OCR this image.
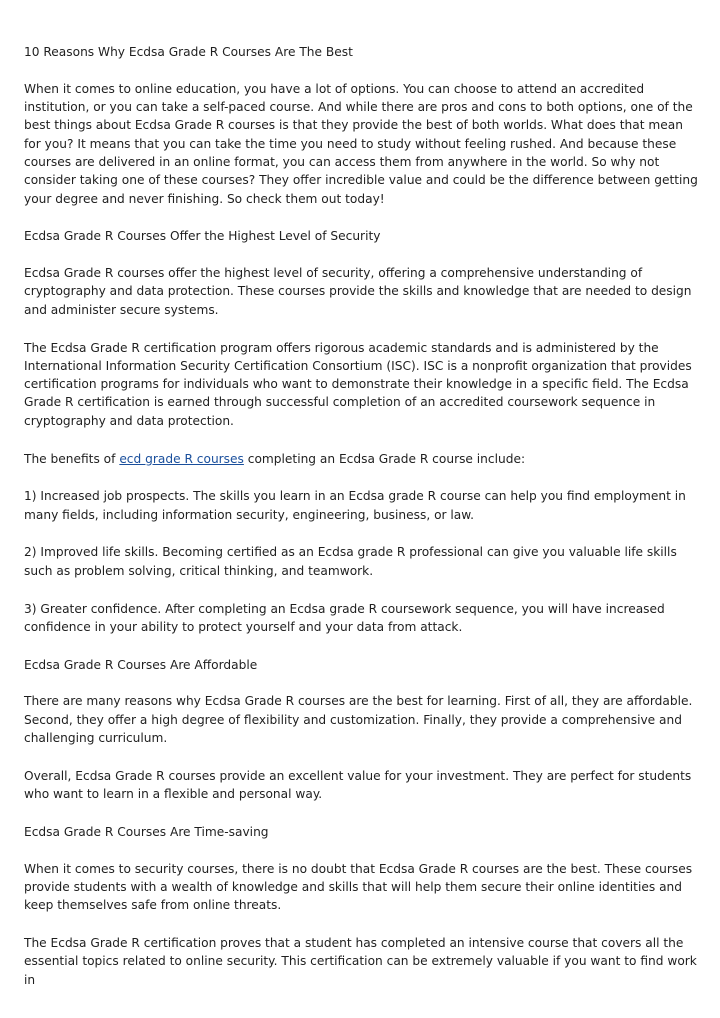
10 Reasons Why Ecdsa Grade R Courses Are The Best

When it comes to online education, you have a lot of options. You can choose to attend an accredited institution, or you can take a self-paced course. And while there are pros and cons to both options, one of the best things about Ecdsa Grade R courses is that they provide the best of both worlds. What does that mean for you? It means that you can take the time you need to study without feeling rushed. And because these courses are delivered in an online format, you can access them from anywhere in the world. So why not consider taking one of these courses? They offer incredible value and could be the difference between getting your degree and never finishing. So check them out today!

Ecdsa Grade R Courses Offer the Highest Level of Security

Ecdsa Grade R courses offer the highest level of security, offering a comprehensive understanding of cryptography and data protection. These courses provide the skills and knowledge that are needed to design and administer secure systems.

The Ecdsa Grade R certification program offers rigorous academic standards and is administered by the International Information Security Certification Consortium (ISC). ISC is a nonprofit organization that provides certification programs for individuals who want to demonstrate their knowledge in a specific field. The Ecdsa Grade R certification is earned through successful completion of an accredited coursework sequence in cryptography and data protection.

The benefits of ecd grade R courses completing an Ecdsa Grade R course include:

1) Increased job prospects. The skills you learn in an Ecdsa grade R course can help you find employment in many fields, including information security, engineering, business, or law.

2) Improved life skills. Becoming certified as an Ecdsa grade R professional can give you valuable life skills such as problem solving, critical thinking, and teamwork.

3) Greater confidence. After completing an Ecdsa grade R coursework sequence, you will have increased confidence in your ability to protect yourself and your data from attack.

Ecdsa Grade R Courses Are Affordable

There are many reasons why Ecdsa Grade R courses are the best for learning. First of all, they are affordable. Second, they offer a high degree of flexibility and customization. Finally, they provide a comprehensive and challenging curriculum.

Overall, Ecdsa Grade R courses provide an excellent value for your investment. They are perfect for students who want to learn in a flexible and personal way.

Ecdsa Grade R Courses Are Time-saving

When it comes to security courses, there is no doubt that Ecdsa Grade R courses are the best. These courses provide students with a wealth of knowledge and skills that will help them secure their online identities and keep themselves safe from online threats.

The Ecdsa Grade R certification proves that a student has completed an intensive course that covers all the essential topics related to online security. This certification can be extremely valuable if you want to find work in
